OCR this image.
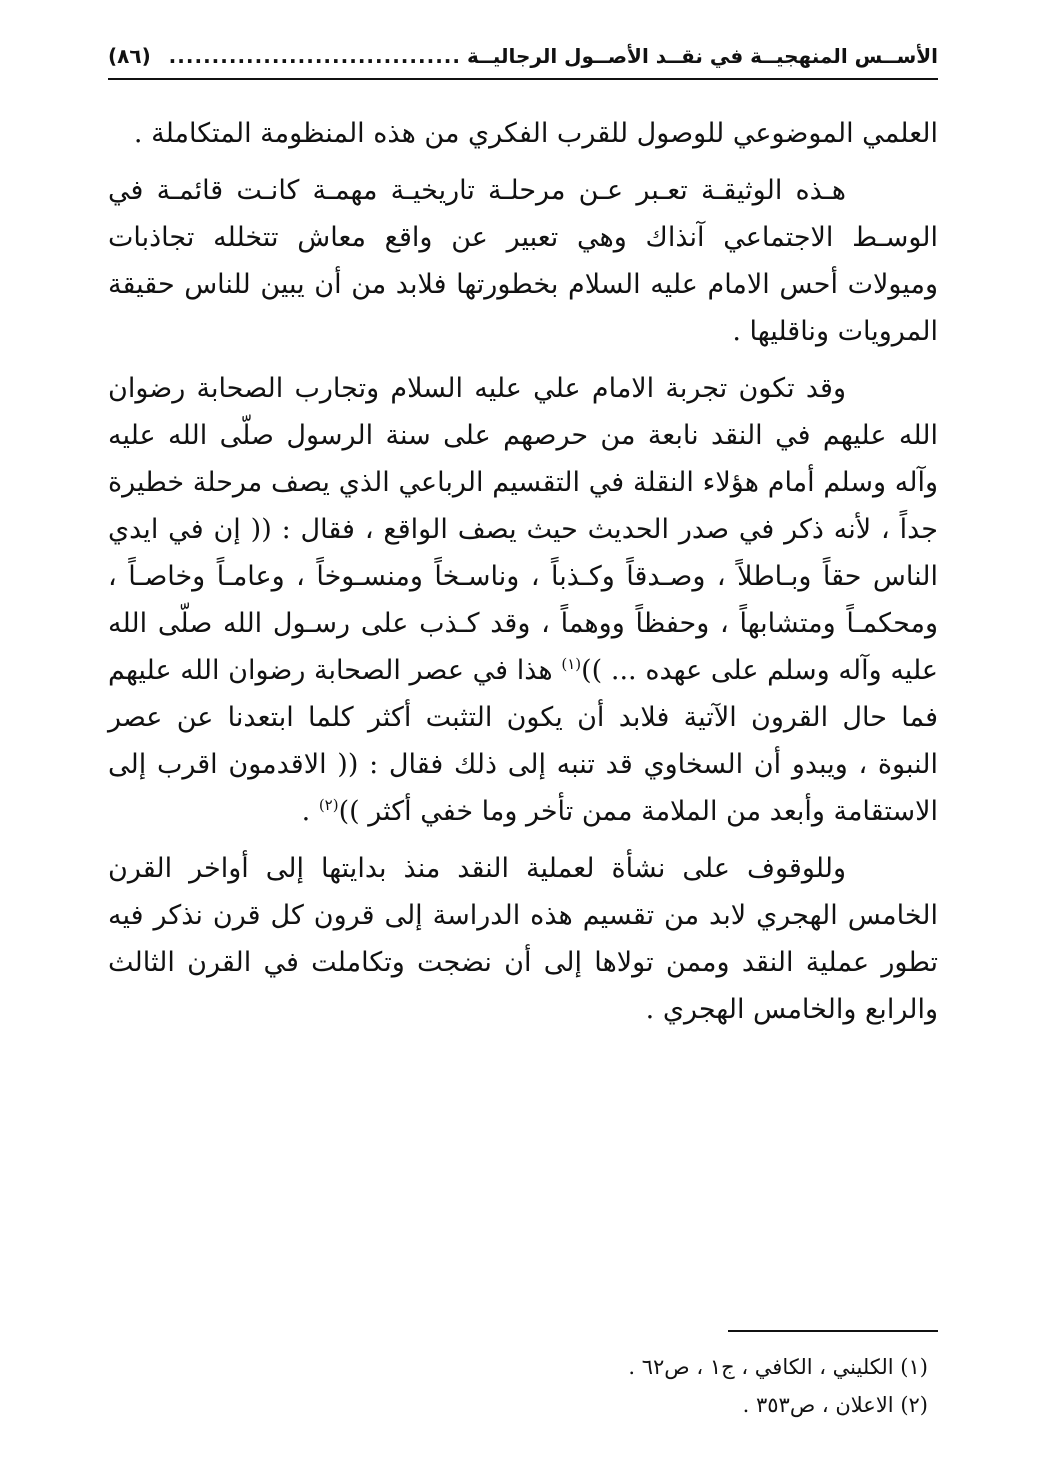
الأســس المنهجيــة في نقــد الأصــول الرجاليــة
..................................
(٨٦)

العلمي الموضوعي للوصول للقرب الفكري من هذه المنظومة المتكاملة .

هـذه الوثيقـة تعـبر عـن مرحلـة تاريخيـة مهمـة كانـت قائمـة في الوسـط الاجتماعي آنذاك وهي تعبير عن واقع معاش تتخلله تجاذبات وميولات أحس الامام عليه السلام بخطورتها فلابد من أن يبين للناس حقيقة المرويات وناقليها .

وقد تكون تجربة الامام علي عليه السلام وتجارب الصحابة رضوان الله عليهم في النقد نابعة من حرصهم على سنة الرسول صلّى الله عليه وآله وسلم أمام هؤلاء النقلة في التقسيم الرباعي الذي يصف مرحلة خطيرة جداً ، لأنه ذكر في صدر الحديث حيث يصف الواقع ، فقال : (( إن في ايدي الناس حقاً وبـاطلاً ، وصـدقاً وكـذباً ، وناسـخاً ومنسـوخاً ، وعامـاً وخاصـاً ، ومحكمـاً ومتشابهاً ، وحفظاً ووهماً ، وقد كـذب على رسـول الله صلّى الله عليه وآله وسلم على عهده ... ))$^{(١)}$ هذا في عصر الصحابة رضوان الله عليهم فما حال القرون الآتية فلابد أن يكون التثبت أكثر كلما ابتعدنا عن عصر النبوة ، ويبدو أن السخاوي قد تنبه إلى ذلك فقال : (( الاقدمون اقرب إلى الاستقامة وأبعد من الملامة ممن تأخر وما خفي أكثر ))$^{(٢)}$ .

وللوقوف على نشأة لعملية النقد منذ بدايتها إلى أواخر القرن الخامس الهجري لابد من تقسيم هذه الدراسة إلى قرون كل قرن نذكر فيه تطور عملية النقد وممن تولاها إلى أن نضجت وتكاملت في القرن الثالث والرابع والخامس الهجري .

(١) الكليني ، الكافي ، ج١ ، ص٦٢ .
(٢) الاعلان ، ص٣٥٣ .
